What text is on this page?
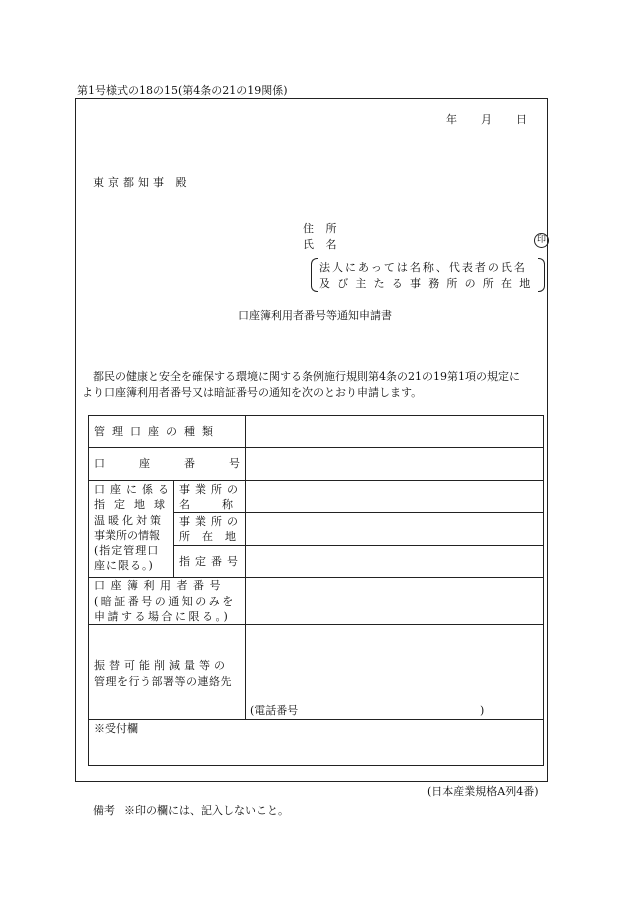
第1号様式の18の15(第4条の21の19関係)
年 月 日
東京都知事 殿
住 所
氏 名	印
法人にあっては名称、代表者の氏名
及び主たる事務所の所在地
口座簿利用者番号等通知申請書
都民の健康と安全を確保する環境に関する条例施行規則第4条の21の19第1項の規定に
より口座簿利用者番号又は暗証番号の通知を次のとおり申請します。
管理口座の種類
口座番号
口座に係る
指定地球
温暖化対策
事業所の情報
(指定管理口
座に限る。)
事業所の
名称
事業所の
所在地
指定番号
口座簿利用者番号
(暗証番号の通知のみを
申請する場合に限る。)
振替可能削減量等の
管理を行う部署等の連絡先
(電話番号	)
※受付欄
(日本産業規格A列4番)
備考 ※印の欄には、記入しないこと。
